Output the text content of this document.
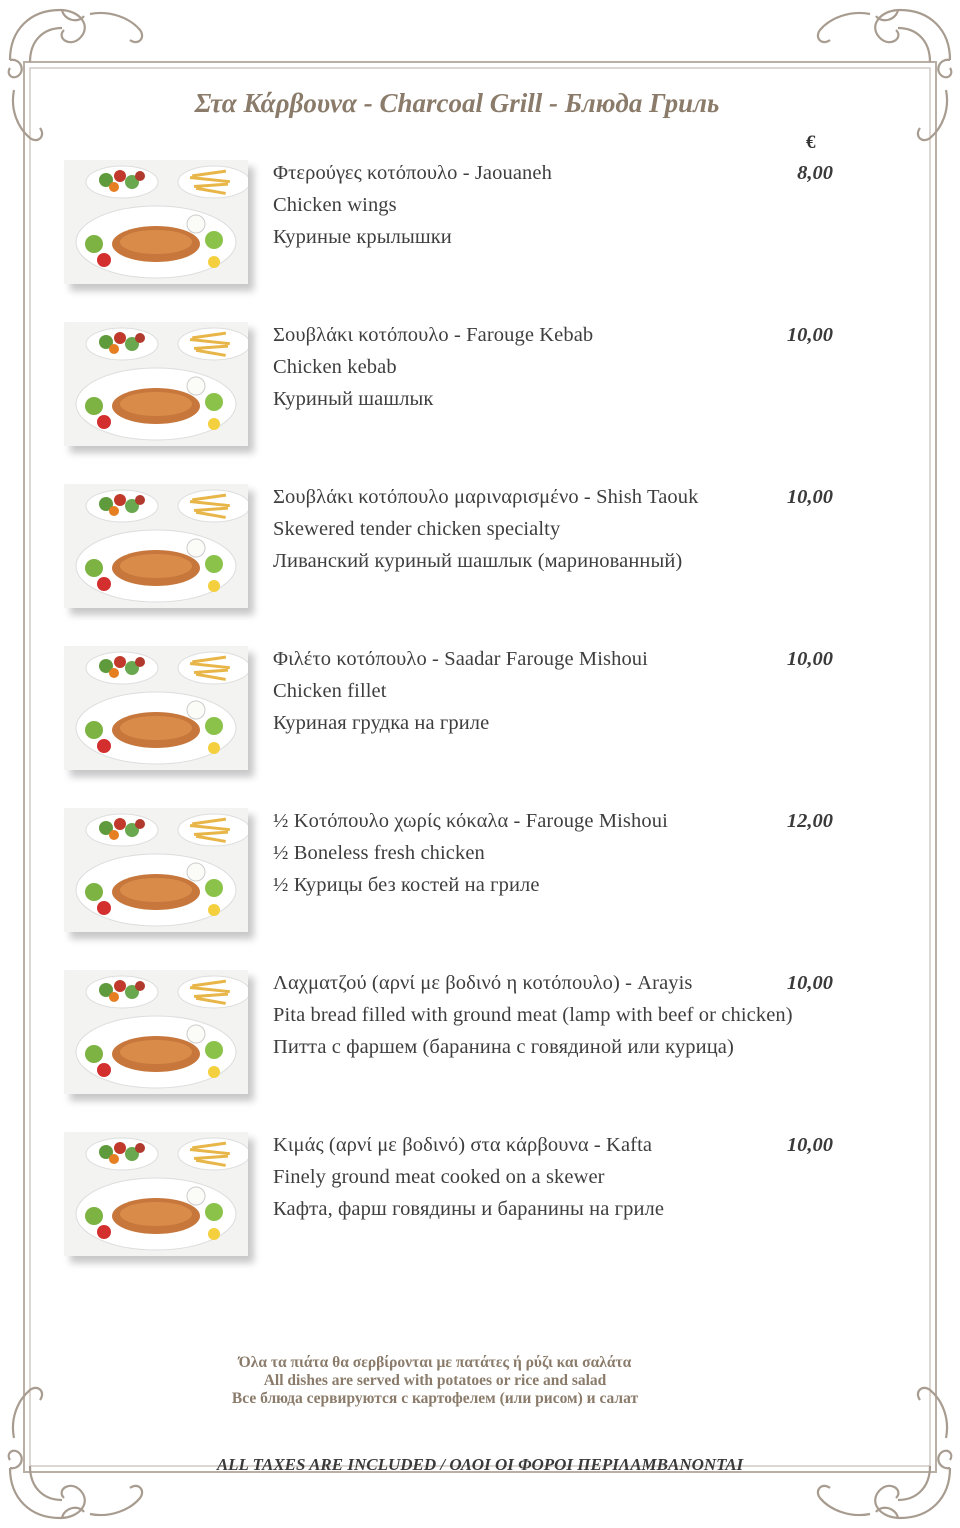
Στα Κάρβουνα - Charcoal Grill - Блюда Гриль
€
Φτερούγες κοτόπουλο - Jaouaneh
Chicken wings
Куриные крылышки
8,00
Σουβλάκι κοτόπουλο - Farouge Kebab
Chicken kebab
Куриный шашлык
10,00
Σουβλάκι κοτόπουλο μαριναρισμένο - Shish Taouk
Skewered tender chicken specialty
Ливанский куриный шашлык (маринованный)
10,00
Φιλέτο κοτόπουλο - Saadar Farouge Mishoui
Chicken fillet
Куриная грудка на гриле
10,00
½ Κοτόπουλο χωρίς κόκαλα - Farouge Mishoui
½ Boneless fresh chicken
½ Курицы без костей на гриле
12,00
Λαχματζού (αρνί με βοδινό η κοτόπουλο) - Arayis
Pita bread filled with ground meat (lamp with beef or chicken)
Питта с фаршем (баранина с говядиной или курица)
10,00
Κιμάς (αρνί με βοδινό) στα κάρβουνα - Kafta
Finely ground meat cooked on a skewer
Кафта, фарш говядины и баранины на гриле
10,00
Όλα τα πιάτα θα σερβίρονται με πατάτες ή ρύζι και σαλάτα
All dishes are served with potatoes or rice and salad
Все блюда сервируются с картофелем (или рисом) и салат
ALL TAXES ARE INCLUDED / ΟΛΟΙ ΟΙ ΦΟΡΟΙ ΠΕΡΙΛΑΜΒΑΝΟΝΤΑΙ
